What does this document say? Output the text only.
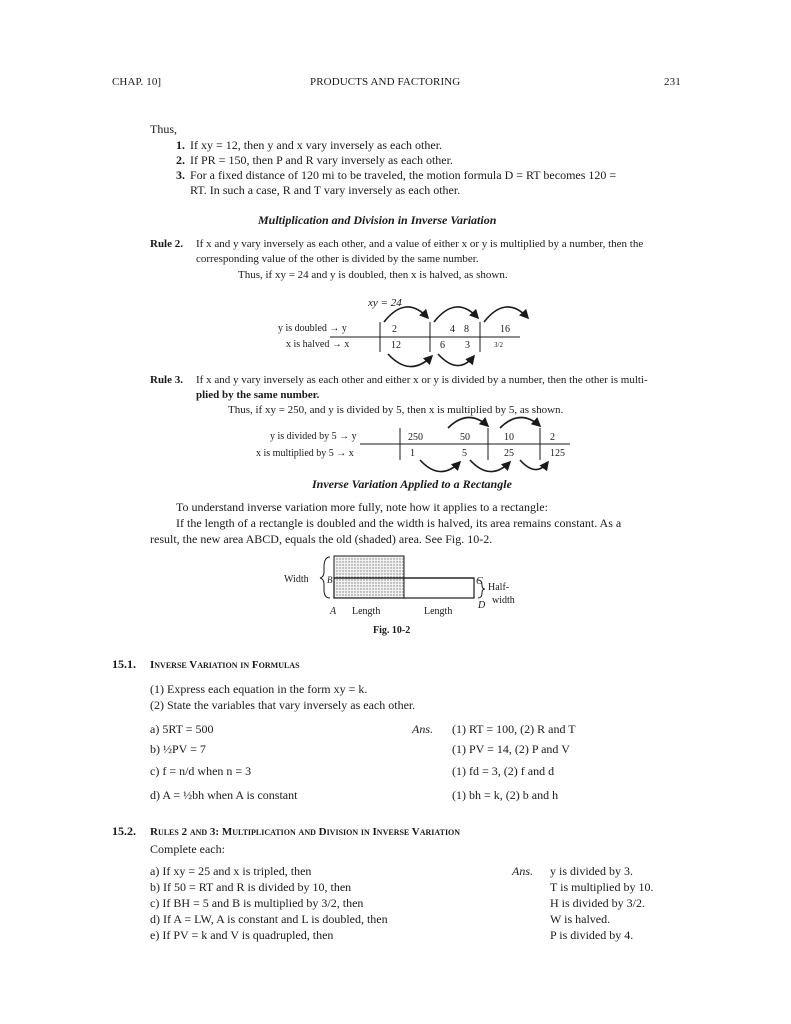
CHAP. 10]	PRODUCTS AND FACTORING	231
Thus,
1. If xy = 12, then y and x vary inversely as each other.
2. If PR = 150, then P and R vary inversely as each other.
3. For a fixed distance of 120 mi to be traveled, the motion formula D = RT becomes 120 =
RT. In such a case, R and T vary inversely as each other.
Multiplication and Division in Inverse Variation
Rule 2. If x and y vary inversely as each other, and a value of either x or y is multiplied by a number, then the
corresponding value of the other is divided by the same number.
Thus, if xy = 24 and y is doubled, then x is halved, as shown.
xy = 24
y is doubled → y
x is halved → x
2	4 8	16
12	6 3	3/2
Rule 3. If x and y vary inversely as each other and either x or y is divided by a number, then the other is multi-
plied by the same number.
Thus, if xy = 250, and y is divided by 5, then x is multiplied by 5, as shown.
y is divided by 5 → y
x is multiplied by 5 → x
250	50	10	2
1	5	25	125
Inverse Variation Applied to a Rectangle
To understand inverse variation more fully, note how it applies to a rectangle:
If the length of a rectangle is doubled and the width is halved, its area remains constant. As a
result, the new area ABCD, equals the old (shaded) area. See Fig. 10-2.
Width B	C
Half-
width
D
A Length	Length
Fig. 10-2
15.1. Inverse Variation in Formulas
(1) Express each equation in the form xy = k.
(2) State the variables that vary inversely as each other.
Ans.
a) 5RT = 500	(1) RT = 100, (2) R and T
b) ½PV = 7	(1) PV = 14, (2) P and V
c) f = n/d when n = 3	(1) fd = 3, (2) f and d
d) A = ½bh when A is constant	(1) bh = k, (2) b and h
15.2. Rules 2 and 3: Multiplication and Division in Inverse Variation
Complete each:
Ans.
a) If xy = 25 and x is tripled, then	y is divided by 3.
b) If 50 = RT and R is divided by 10, then	T is multiplied by 10.
c) If BH = 5 and B is multiplied by 3/2, then	H is divided by 3/2.
d) If A = LW, A is constant and L is doubled, then	W is halved.
e) If PV = k and V is quadrupled, then	P is divided by 4.
